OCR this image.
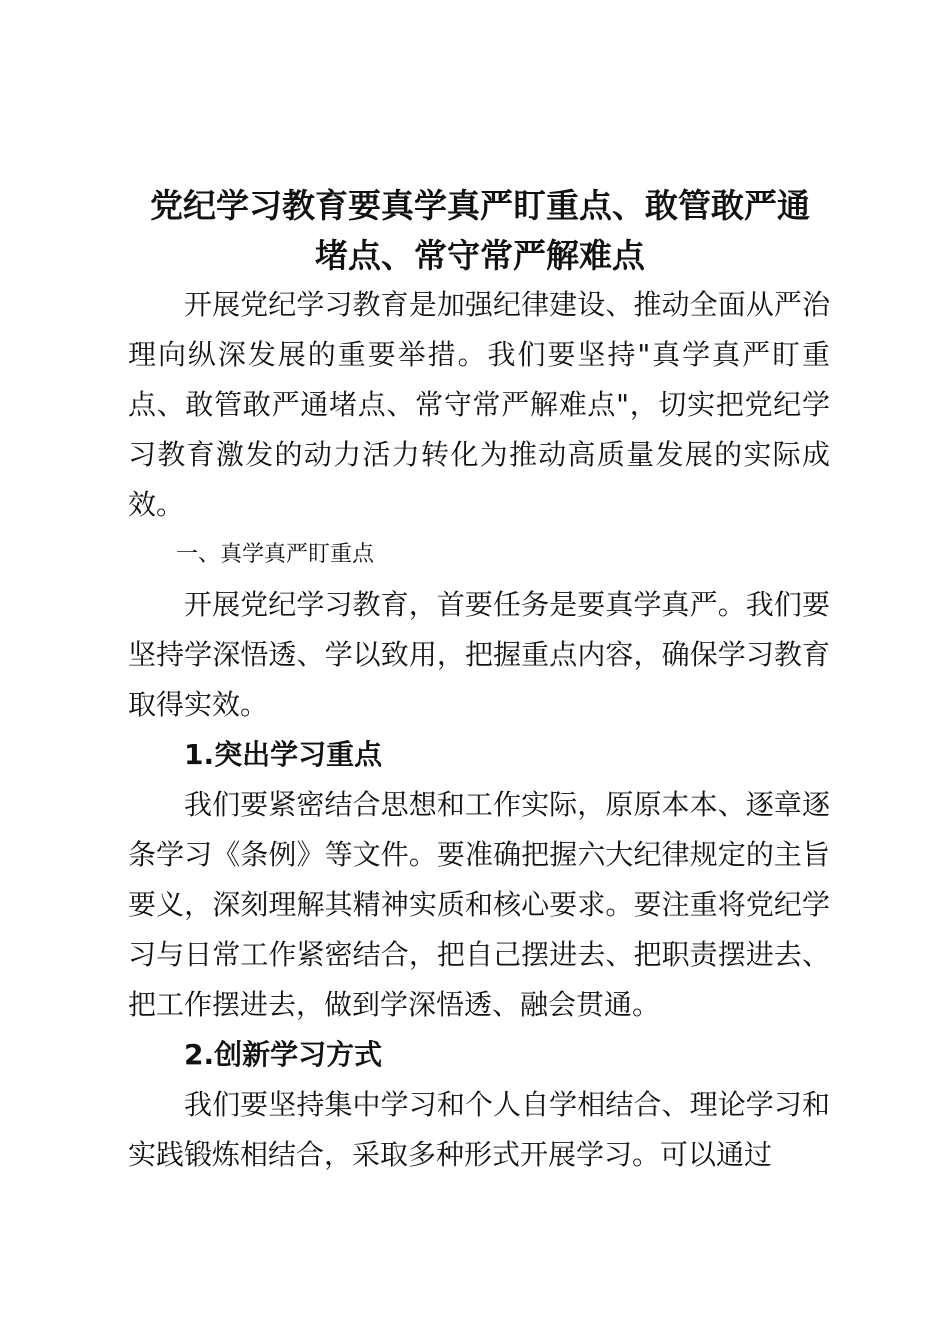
党纪学习教育要真学真严盯重点、敢管敢严通
堵点、常守常严解难点

开展党纪学习教育是加强纪律建设、推动全面从严治理向纵深发展的重要举措。我们要坚持"真学真严盯重点、敢管敢严通堵点、常守常严解难点"，切实把党纪学习教育激发的动力活力转化为推动高质量发展的实际成效。

一、真学真严盯重点

开展党纪学习教育，首要任务是要真学真严。我们要坚持学深悟透、学以致用，把握重点内容，确保学习教育取得实效。

1.突出学习重点

我们要紧密结合思想和工作实际，原原本本、逐章逐条学习《条例》等文件。要准确把握六大纪律规定的主旨要义，深刻理解其精神实质和核心要求。要注重将党纪学习与日常工作紧密结合，把自己摆进去、把职责摆进去、把工作摆进去，做到学深悟透、融会贯通。

2.创新学习方式

我们要坚持集中学习和个人自学相结合、理论学习和实践锻炼相结合，采取多种形式开展学习。可以通过
